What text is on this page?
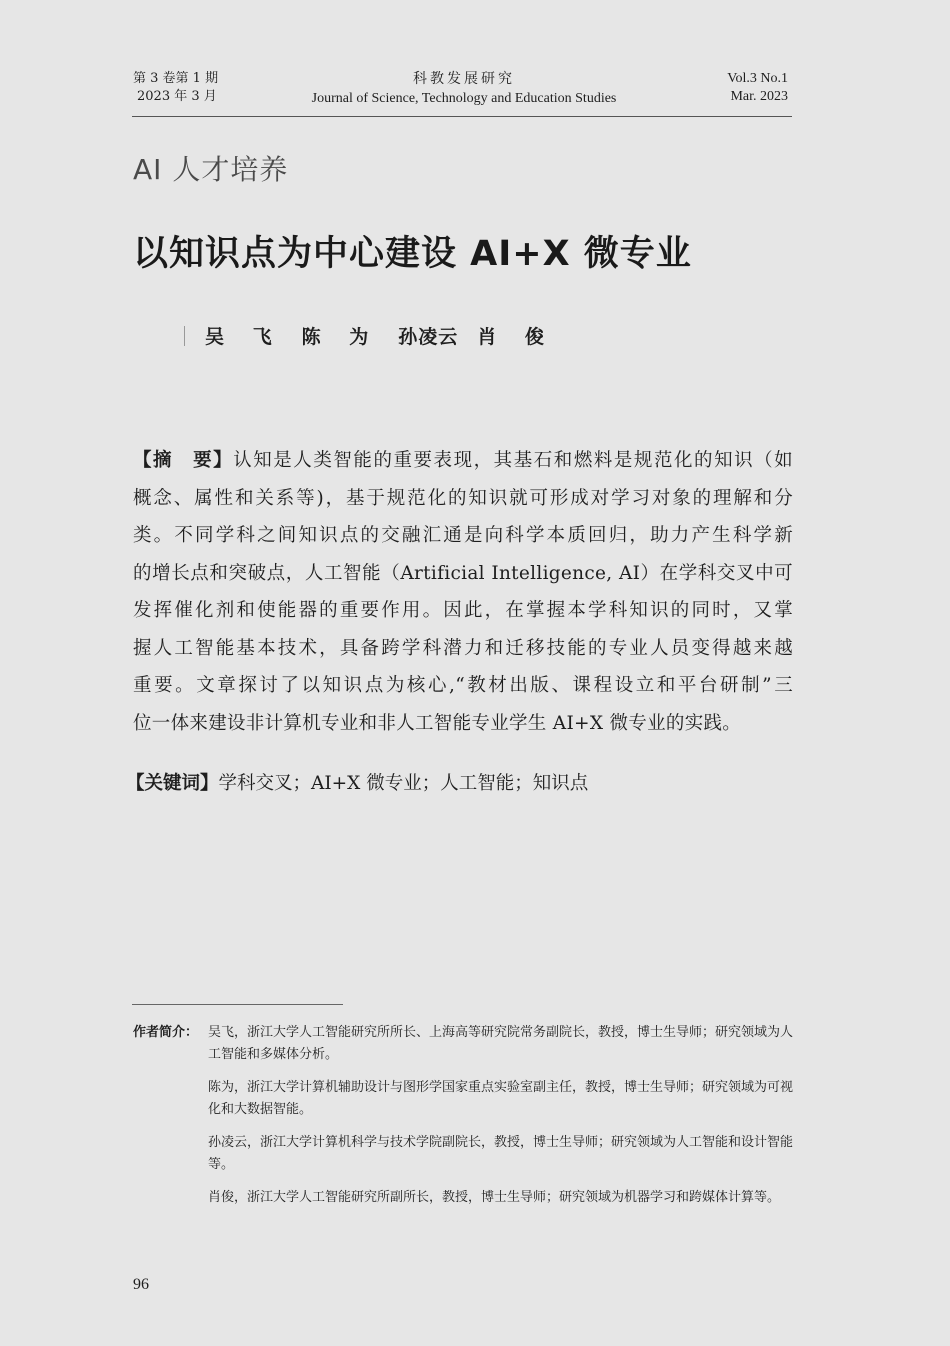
第 3 卷第 1 期
2023 年 3 月
科教发展研究
Journal of Science, Technology and Education Studies
Vol.3 No.1
Mar. 2023
AI 人才培养
以知识点为中心建设 AI+X 微专业
吴 飞 陈 为 孙凌云 肖 俊
【摘　要】认知是人类智能的重要表现，其基石和燃料是规范化的知识（如
概念、属性和关系等)，基于规范化的知识就可形成对学习对象的理解和分
类。不同学科之间知识点的交融汇通是向科学本质回归，助力产生科学新
的增长点和突破点，人工智能（Artificial Intelligence, AI）在学科交叉中可
发挥催化剂和使能器的重要作用。因此，在掌握本学科知识的同时，又掌
握人工智能基本技术，具备跨学科潜力和迁移技能的专业人员变得越来越
重要。文章探讨了以知识点为核心,“教材出版、课程设立和平台研制”三
位一体来建设非计算机专业和非人工智能专业学生 AI+X 微专业的实践。
【关键词】学科交叉；AI+X 微专业；人工智能；知识点
作者简介： 吴飞，浙江大学人工智能研究所所长、上海高等研究院常务副院长，教授，博士生导师；研究领域为人工智能和多媒体分析。
陈为，浙江大学计算机辅助设计与图形学国家重点实验室副主任，教授，博士生导师；研究领域为可视化和大数据智能。
孙凌云，浙江大学计算机科学与技术学院副院长，教授，博士生导师；研究领域为人工智能和设计智能等。
肖俊，浙江大学人工智能研究所副所长，教授，博士生导师；研究领域为机器学习和跨媒体计算等。
96
